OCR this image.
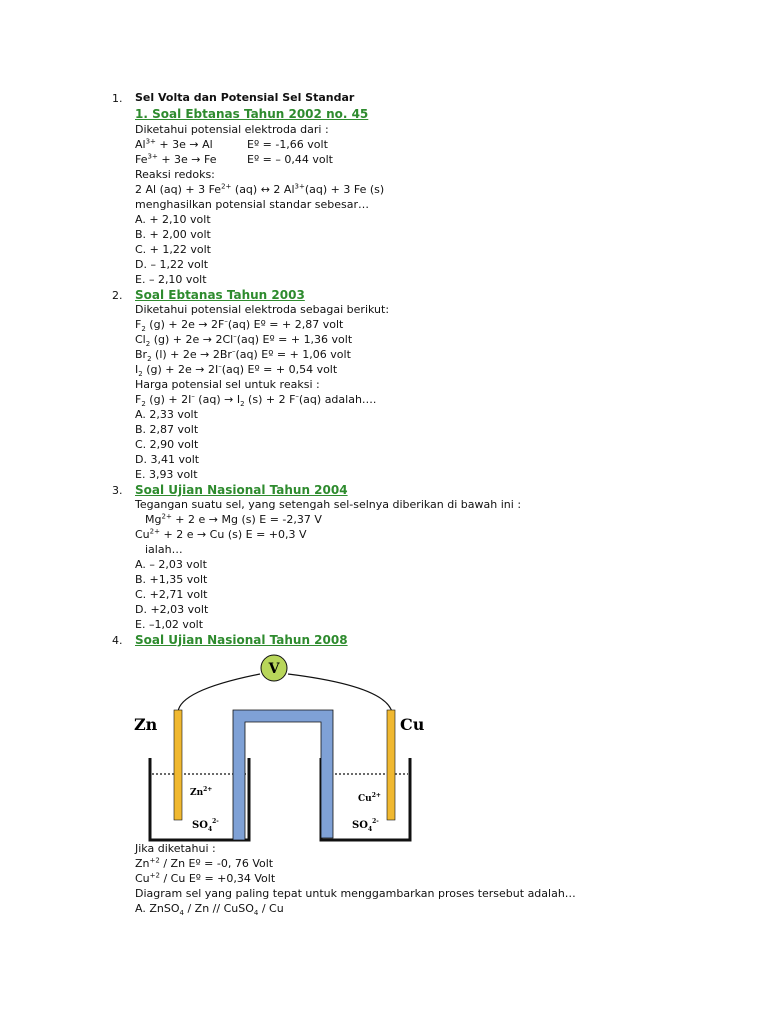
1. Sel Volta dan Potensial Sel Standar
1. Soal Ebtanas Tahun 2002 no. 45
Diketahui potensial elektroda dari :
$Al^{3+} + 3e \to Al$	Eº = -1,66 volt
$Fe^{3+} + 3e \to Fe$	Eº = – 0,44 volt
Reaksi redoks:
2 Al (aq) + 3 $Fe^{2+}$ (aq) ↔ 2 $Al^{3+}(aq) + 3$ Fe (s)
menghasilkan potensial standar sebesar…
A. + 2,10 volt
B. + 2,00 volt
C. + 1,22 volt
D. – 1,22 volt
E. – 2,10 volt
2. Soal Ebtanas Tahun 2003
Diketahui potensial elektroda sebagai berikut:
$F_2$ (g) + 2e → 2F–(aq) Eº = + 2,87 volt
$Cl_2$ (g) + 2e → 2Cl–(aq) Eº = + 1,36 volt
$Br_2$ (l) + 2e → 2Br–(aq) Eº = + 1,06 volt
$I_2$ (g) + 2e → 2I–(aq) Eº = + 0,54 volt
Harga potensial sel untuk reaksi :
$F_2$ (g) + 2I– $(aq) \to I_2$ (s) + 2 F–(aq) adalah….
A. 2,33 volt
B. 2,87 volt
C. 2,90 volt
D. 3,41 volt
E. 3,93 volt
3. Soal Ujian Nasional Tahun 2004
Tegangan suatu sel, yang setengah sel-selnya diberikan di bawah ini :
$Mg^{2+} + 2$ e → Mg (s) E = -2,37 V
$Cu^{2+} + 2$ e → Cu (s) E = +0,3 V
ialah…
A. – 2,03 volt
B. +1,35 volt
C. +2,71 volt
D. +2,03 volt
E. –1,02 volt
4. Soal Ujian Nasional Tahun 2008
V
Zn	Cu
$Zn^{2+}$
$Cu^{2+}$
$SO_4^{2-}$	$SO_4^{2-}$
Jika diketahui :
$Zn^{+2}$ / Zn Eº = -0, 76 Volt
$Cu^{+2}$ / Cu Eº = +0,34 Volt
Diagram sel yang paling tepat untuk menggambarkan proses tersebut adalah…
A. ZnSO$_4$ / Zn // CuSO$_4$ / Cu
